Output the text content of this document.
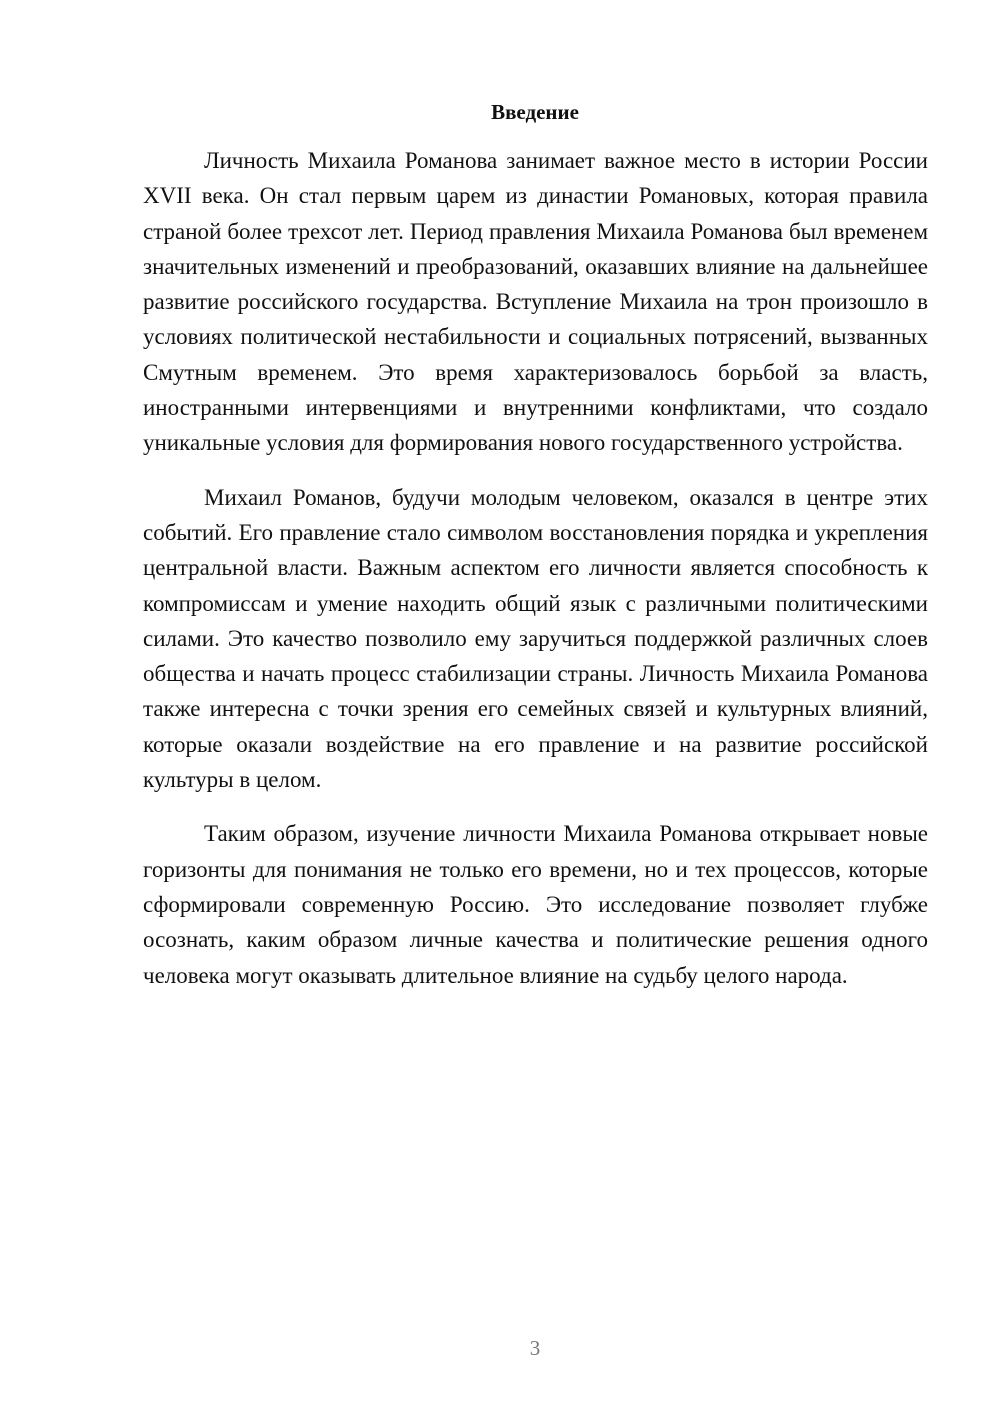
Введение

Личность Михаила Романова занимает важное место в истории России XVII века. Он стал первым царем из династии Романовых, которая правила страной более трехсот лет. Период правления Михаила Романова был временем значительных изменений и преобразований, оказавших влияние на дальнейшее развитие российского государства. Вступление Михаила на трон произошло в условиях политической нестабильности и социальных потрясений, вызванных Смутным временем. Это время характеризовалось борьбой за власть, иностранными интервенциями и внутренними конфликтами, что создало уникальные условия для формирования нового государственного устройства.

Михаил Романов, будучи молодым человеком, оказался в центре этих событий. Его правление стало символом восстановления порядка и укрепления центральной власти. Важным аспектом его личности является способность к компромиссам и умение находить общий язык с различными политическими силами. Это качество позволило ему заручиться поддержкой различных слоев общества и начать процесс стабилизации страны. Личность Михаила Романова также интересна с точки зрения его семейных связей и культурных влияний, которые оказали воздействие на его правление и на развитие российской культуры в целом.

Таким образом, изучение личности Михаила Романова открывает новые горизонты для понимания не только его времени, но и тех процессов, которые сформировали современную Россию. Это исследование позволяет глубже осознать, каким образом личные качества и политические решения одного человека могут оказывать длительное влияние на судьбу целого народа.

3
